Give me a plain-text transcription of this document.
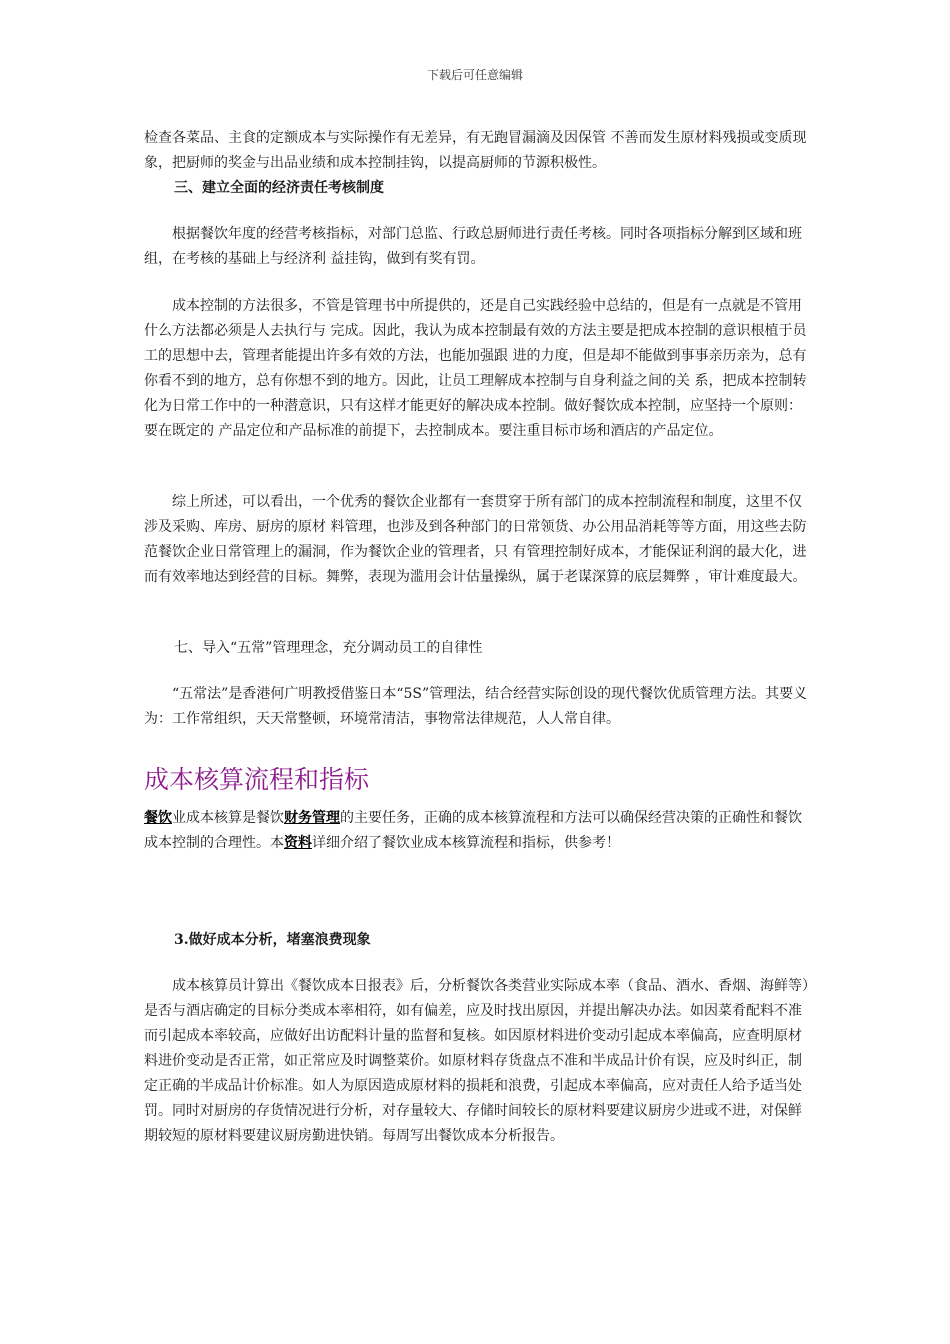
下载后可任意编辑

检查各菜品、主食的定额成本与实际操作有无差异，有无跑冒漏滴及因保管 不善而发生原材料残损或变质现象，把厨师的奖金与出品业绩和成本控制挂钩，以提高厨师的节源积极性。

三、建立全面的经济责任考核制度

根据餐饮年度的经营考核指标，对部门总监、行政总厨师进行责任考核。同时各项指标分解到区域和班组，在考核的基础上与经济利 益挂钩，做到有奖有罚。

成本控制的方法很多，不管是管理书中所提供的，还是自己实践经验中总结的，但是有一点就是不管用什么方法都必须是人去执行与 完成。因此，我认为成本控制最有效的方法主要是把成本控制的意识根植于员工的思想中去，管理者能提出许多有效的方法，也能加强跟 进的力度，但是却不能做到事事亲历亲为，总有你看不到的地方，总有你想不到的地方。因此，让员工理解成本控制与自身利益之间的关 系，把成本控制转化为日常工作中的一种潜意识，只有这样才能更好的解决成本控制。做好餐饮成本控制，应坚持一个原则：要在既定的 产品定位和产品标准的前提下，去控制成本。要注重目标市场和酒店的产品定位。

综上所述，可以看出，一个优秀的餐饮企业都有一套贯穿于所有部门的成本控制流程和制度，这里不仅涉及采购、库房、厨房的原材 料管理，也涉及到各种部门的日常领货、办公用品消耗等等方面，用这些去防范餐饮企业日常管理上的漏洞，作为餐饮企业的管理者，只 有管理控制好成本，才能保证利润的最大化，进而有效率地达到经营的目标。舞弊，表现为滥用会计估量操纵，属于老谋深算的底层舞弊 ，审计难度最大。

七、导入“五常”管理理念，充分调动员工的自律性

“五常法”是香港何广明教授借鉴日本“5S”管理法，结合经营实际创设的现代餐饮优质管理方法。其要义为：工作常组织，天天常整顿，环境常清洁，事物常法律规范，人人常自律。

成本核算流程和指标

餐饮业成本核算是餐饮财务管理的主要任务，正确的成本核算流程和方法可以确保经营决策的正确性和餐饮成本控制的合理性。本资料详细介绍了餐饮业成本核算流程和指标，供参考！

3.做好成本分析，堵塞浪费现象

成本核算员计算出《餐饮成本日报表》后，分析餐饮各类营业实际成本率（食品、酒水、香烟、海鲜等）是否与酒店确定的目标分类成本率相符，如有偏差，应及时找出原因，并提出解决办法。如因菜肴配料不准而引起成本率较高，应做好出访配料计量的监督和复核。如因原材料进价变动引起成本率偏高，应查明原材料进价变动是否正常，如正常应及时调整菜价。如原材料存货盘点不准和半成品计价有误，应及时纠正，制定正确的半成品计价标准。如人为原因造成原材料的损耗和浪费，引起成本率偏高，应对责任人给予适当处罚。同时对厨房的存货情况进行分析，对存量较大、存储时间较长的原材料要建议厨房少进或不进，对保鲜期较短的原材料要建议厨房勤进快销。每周写出餐饮成本分析报告。
